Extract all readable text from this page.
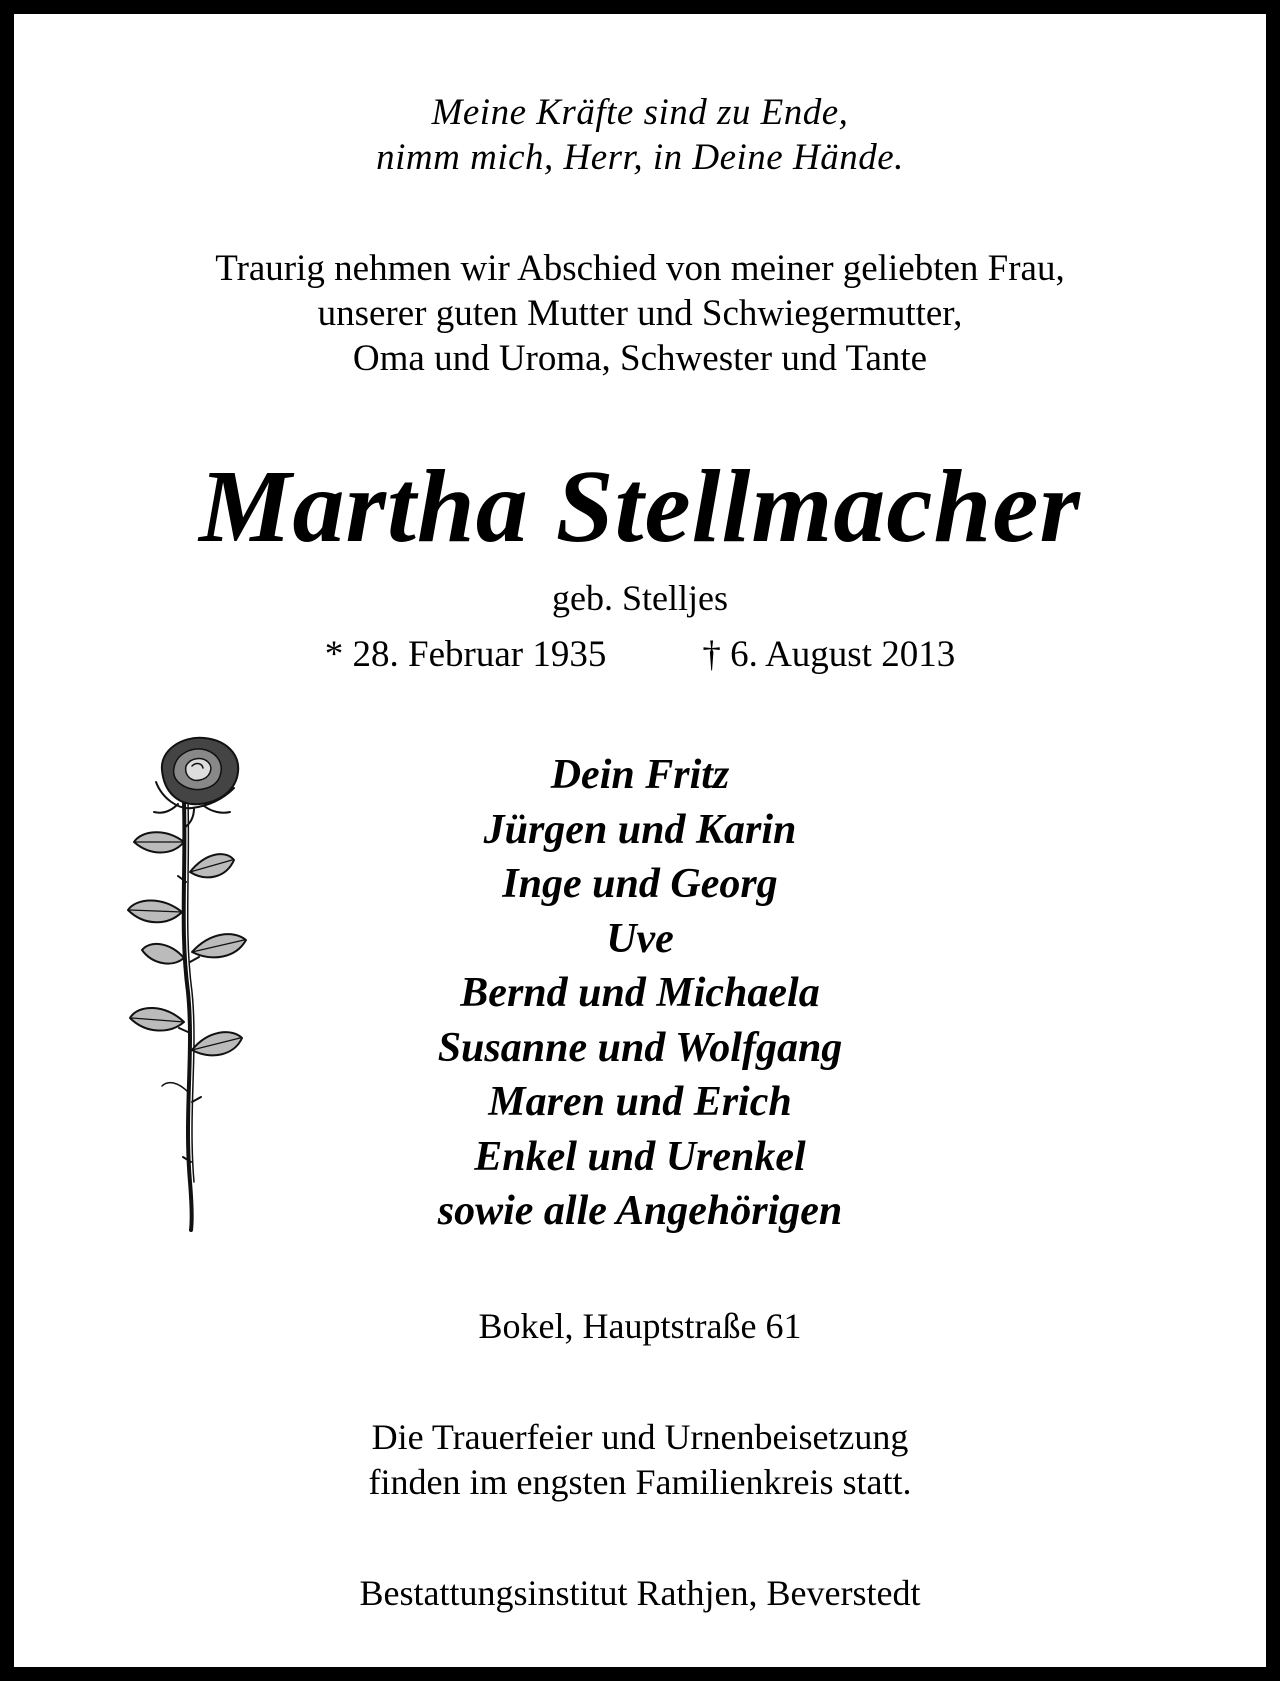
Meine Kräfte sind zu Ende,
nimm mich, Herr, in Deine Hände.
Traurig nehmen wir Abschied von meiner geliebten Frau,
unserer guten Mutter und Schwiegermutter,
Oma und Uroma, Schwester und Tante
Martha Stellmacher
geb. Stelljes
* 28. Februar 1935	† 6. August 2013
Dein Fritz
Jürgen und Karin
Inge und Georg
Uve
Bernd und Michaela
Susanne und Wolfgang
Maren und Erich
Enkel und Urenkel
sowie alle Angehörigen
Bokel, Hauptstraße 61
Die Trauerfeier und Urnenbeisetzung
finden im engsten Familienkreis statt.
Bestattungsinstitut Rathjen, Beverstedt
